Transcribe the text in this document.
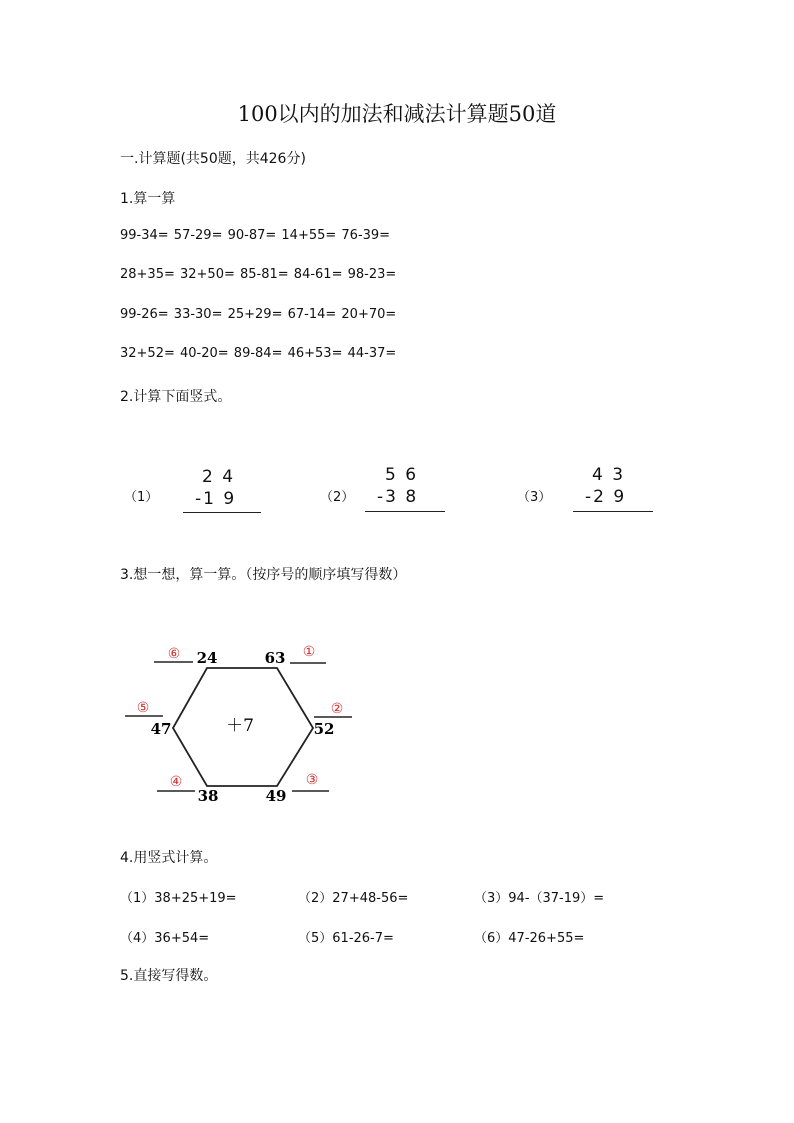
100以内的加法和减法计算题50道
一.计算题(共50题，共426分)
1.算一算
99-34= 57-29= 90-87= 14+55= 76-39=
28+35= 32+50= 85-81= 84-61= 98-23=
99-26= 33-30= 25+29= 67-14= 20+70=
32+52= 40-20= 89-84= 46+53= 44-37=
2.计算下面竖式。
（1）
2 4
-1 9	（2）
5 6
-3 8	（3）
4 3
-2 9
3.想一想，算一算。（按序号的顺序填写得数）
＋7
24	63
52
49
38
47
①
②
③
④
⑤
⑥
4.用竖式计算。
（1）38+25+19=	（2）27+48-56=	（3）94-（37-19）=
（4）36+54=	（5）61-26-7=	（6）47-26+55=
5.直接写得数。
